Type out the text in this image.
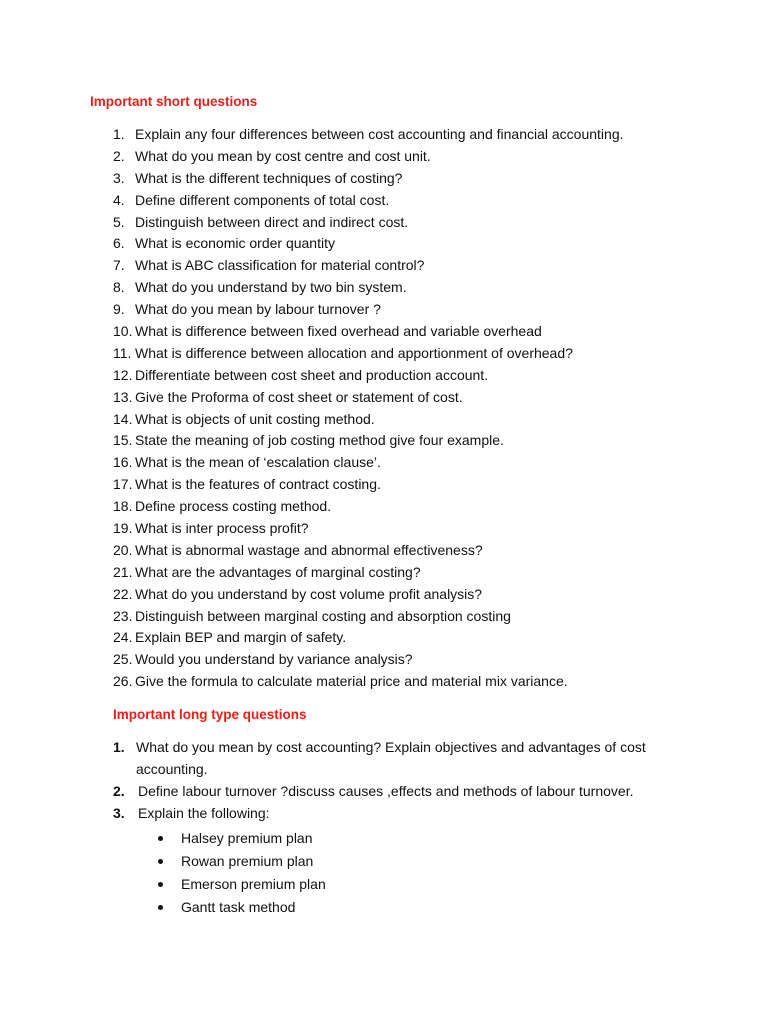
Important short questions
1. Explain any four differences between cost accounting and financial accounting.
2. What do you mean by cost centre and cost unit.
3. What is the different techniques of costing?
4. Define different components of total cost.
5. Distinguish between direct and indirect cost.
6. What is economic order quantity
7. What is ABC classification for material control?
8. What do you understand by two bin system.
9. What do you mean by labour turnover ?
10. What is difference between fixed overhead and variable overhead
11. What is difference between allocation and apportionment of overhead?
12. Differentiate between cost sheet and production account.
13. Give the Proforma of cost sheet or statement of cost.
14. What is objects of unit costing method.
15. State the meaning of job costing method give four example.
16. What is the mean of ‘escalation clause’.
17. What is the features of contract costing.
18. Define process costing method.
19. What is inter process profit?
20. What is abnormal wastage and abnormal effectiveness?
21. What are the advantages of marginal costing?
22. What do you understand by cost volume profit analysis?
23. Distinguish between marginal costing and absorption costing
24. Explain BEP and margin of safety.
25. Would you understand by variance analysis?
26. Give the formula to calculate material price and material mix variance.
Important long type questions
1. What do you mean by cost accounting? Explain objectives and advantages of cost accounting.
2. Define labour turnover ?discuss causes ,effects and methods of labour turnover.
3. Explain the following:
Halsey premium plan
Rowan premium plan
Emerson premium plan
Gantt task method
